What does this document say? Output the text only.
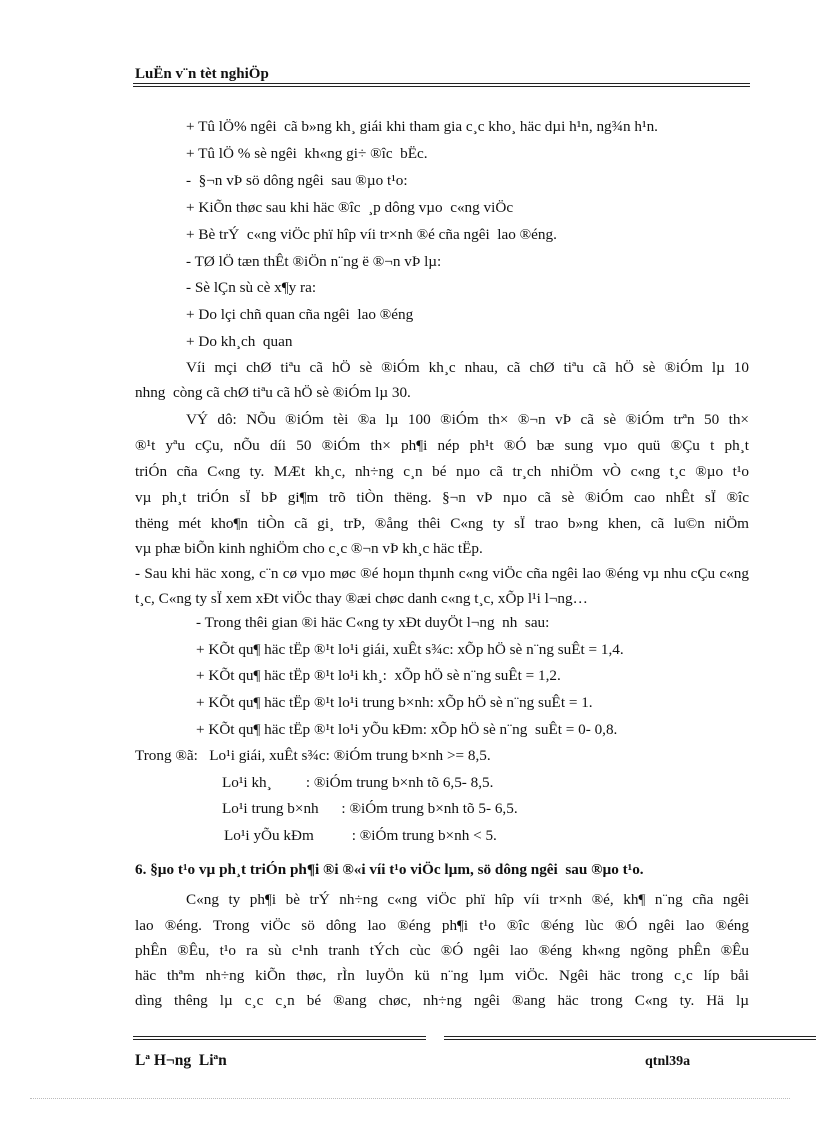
LuËn v¨n tèt nghiÖp
+ Tû lÖ% ngêi  cã b»ng kh¸ giái khi tham gia c¸c kho¸ häc dµi h¹n, ng¾n h¹n.
+ Tû lÖ % sè ngêi  kh«ng gi÷ ®îc  bËc.
-  §¬n vÞ sö dông ngêi  sau ®µo t¹o:
+ KiÕn thøc sau khi häc ®îc  ¸p dông vµo  c«ng viÖc
+ Bè trÝ  c«ng viÖc phï hîp víi tr×nh ®é cña ngêi  lao ®éng.
- TØ lÖ tæn thÊt ®iÖn n¨ng ë ®¬n vÞ lµ:
- Sè lÇn sù cè x¶y ra:
+ Do lçi chñ quan cña ngêi  lao ®éng
+ Do kh¸ch  quan
Víi mçi chØ tiªu cã hÖ sè ®iÓm kh¸c nhau, cã chØ tiªu cã hÖ sè ®iÓm lµ 10
nhng  còng cã chØ tiªu cã hÖ sè ®iÓm lµ 30.
VÝ dô: NÕu ®iÓm tèi ®a lµ 100 ®iÓm th× ®¬n vÞ cã sè ®iÓm trªn 50 th×
®¹t yªu cÇu, nÕu díi 50 ®iÓm th× ph¶i nép ph¹t ®Ó bæ sung vµo quü ®Çu t ph¸t
triÓn cña C«ng ty. MÆt kh¸c, nh÷ng c¸n bé nµo cã tr¸ch nhiÖm vÒ c«ng t¸c ®µo t¹o
vµ ph¸t triÓn sÏ bÞ gi¶m trõ tiÒn thëng. §¬n vÞ nµo cã sè ®iÓm cao nhÊt sÏ ®îc
thëng mét kho¶n tiÒn cã gi¸ trÞ, ®ång thêi C«ng ty sÏ trao b»ng khen, cã lu©n niÖm
vµ phæ biÕn kinh nghiÖm cho c¸c ®¬n vÞ kh¸c häc tËp.
- Sau khi häc xong, c¨n cø vµo møc ®é hoµn thµnh c«ng viÖc cña ngêi lao ®éng vµ nhu cÇu c«ng
t¸c, C«ng ty sÏ xem xÐt viÖc thay ®æi chøc danh c«ng t¸c, xÕp l¹i l¬ng…
- Trong thêi gian ®i häc C«ng ty xÐt duyÖt l¬ng  nh  sau:
+ KÕt qu¶ häc tËp ®¹t lo¹i giái, xuÊt s¾c: xÕp hÖ sè n¨ng suÊt = 1,4.
+ KÕt qu¶ häc tËp ®¹t lo¹i kh¸:  xÕp hÖ sè n¨ng suÊt = 1,2.
+ KÕt qu¶ häc tËp ®¹t lo¹i trung b×nh: xÕp hÖ sè n¨ng suÊt = 1.
+ KÕt qu¶ häc tËp ®¹t lo¹i yÕu kÐm: xÕp hÖ sè n¨ng  suÊt = 0- 0,8.
Trong ®ã:   Lo¹i giái, xuÊt s¾c: ®iÓm trung b×nh >= 8,5.
Lo¹i kh¸         : ®iÓm trung b×nh tõ 6,5- 8,5.
Lo¹i trung b×nh      : ®iÓm trung b×nh tõ 5- 6,5.
Lo¹i yÕu kÐm          : ®iÓm trung b×nh < 5.
6. §µo t¹o vµ ph¸t triÓn ph¶i ®i ®«i víi t¹o viÖc lµm, sö dông ngêi  sau ®µo t¹o.
C«ng ty ph¶i bè trÝ nh÷ng c«ng viÖc phï hîp víi tr×nh ®é, kh¶ n¨ng cña ngêi
lao ®éng. Trong viÖc sö dông lao ®éng ph¶i t¹o ®îc ®éng lùc ®Ó ngêi lao ®éng
phÊn ®Êu, t¹o ra sù c¹nh tranh tÝch cùc ®Ó ngêi lao ®éng kh«ng ngõng phÊn ®Êu
häc thªm nh÷ng kiÕn thøc, rÌn luyÖn kü n¨ng lµm viÖc. Ngêi häc trong c¸c líp båi
dìng thêng lµ c¸c c¸n bé ®ang chøc, nh÷ng ngêi ®ang häc trong C«ng ty. Hä lµ
Lª H¬ng  Liªn	qtnl39a
